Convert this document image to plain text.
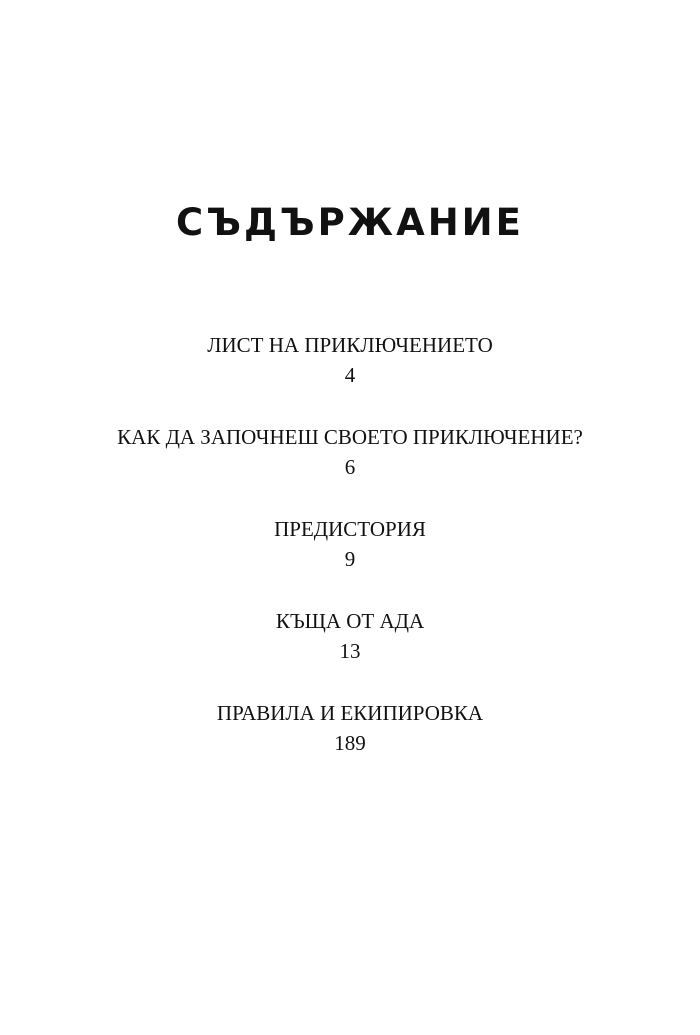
СЪДЪРЖАНИЕ
ЛИСТ НА ПРИКЛЮЧЕНИЕТО
4
КАК ДА ЗАПОЧНЕШ СВОЕТО ПРИКЛЮЧЕНИЕ?
6
ПРЕДИСТОРИЯ
9
КЪЩА ОТ АДА
13
ПРАВИЛА И ЕКИПИРОВКА
189
